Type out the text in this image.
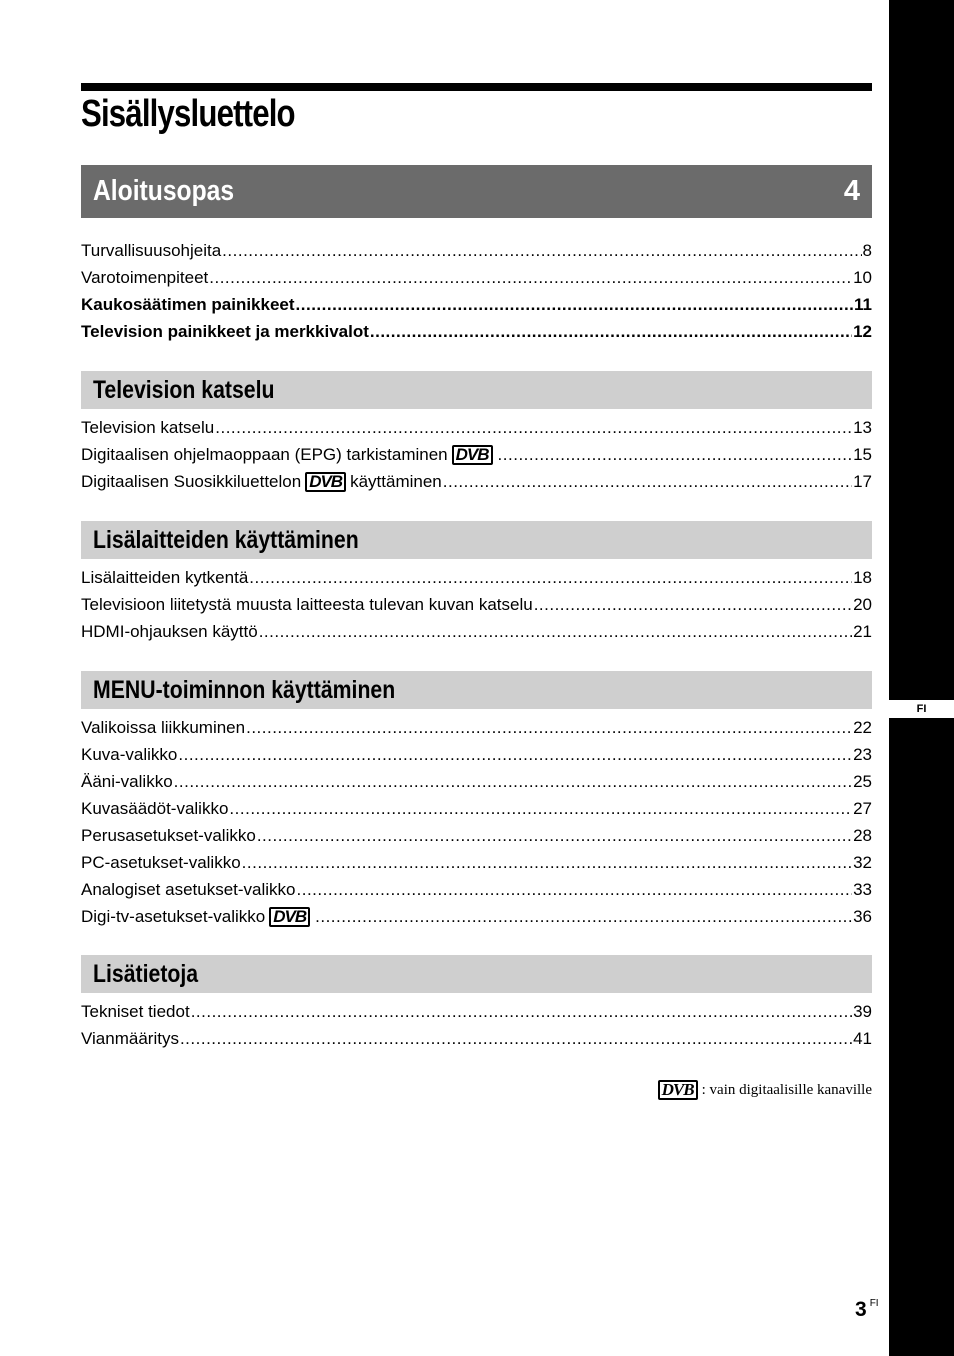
FI
Sisällysluettelo
Aloitusopas	4
Turvallisuusohjeita .....	8
Varotoimenpiteet .....	10
Kaukosäätimen painikkeet .....	11
Television painikkeet ja merkkivalot .....	12
Television katselu
Television katselu .....	13
Digitaalisen ohjelmaoppaan (EPG) tarkistaminen DVB .....	15
Digitaalisen Suosikkiluettelon DVB käyttäminen .....	17
Lisälaitteiden käyttäminen
Lisälaitteiden kytkentä .....	18
Televisioon liitetystä muusta laitteesta tulevan kuvan katselu .....	20
HDMI-ohjauksen käyttö .....	21
MENU-toiminnon käyttäminen
Valikoissa liikkuminen .....	22
Kuva-valikko .....	23
Ääni-valikko .....	25
Kuvasäädöt-valikko .....	27
Perusasetukset-valikko .....	28
PC-asetukset-valikko .....	32
Analogiset asetukset-valikko .....	33
Digi-tv-asetukset-valikko DVB .....	36
Lisätietoja
Tekniset tiedot .....	39
Vianmääritys .....	41
DVB : vain digitaalisille kanaville
3 $^{FI}$
